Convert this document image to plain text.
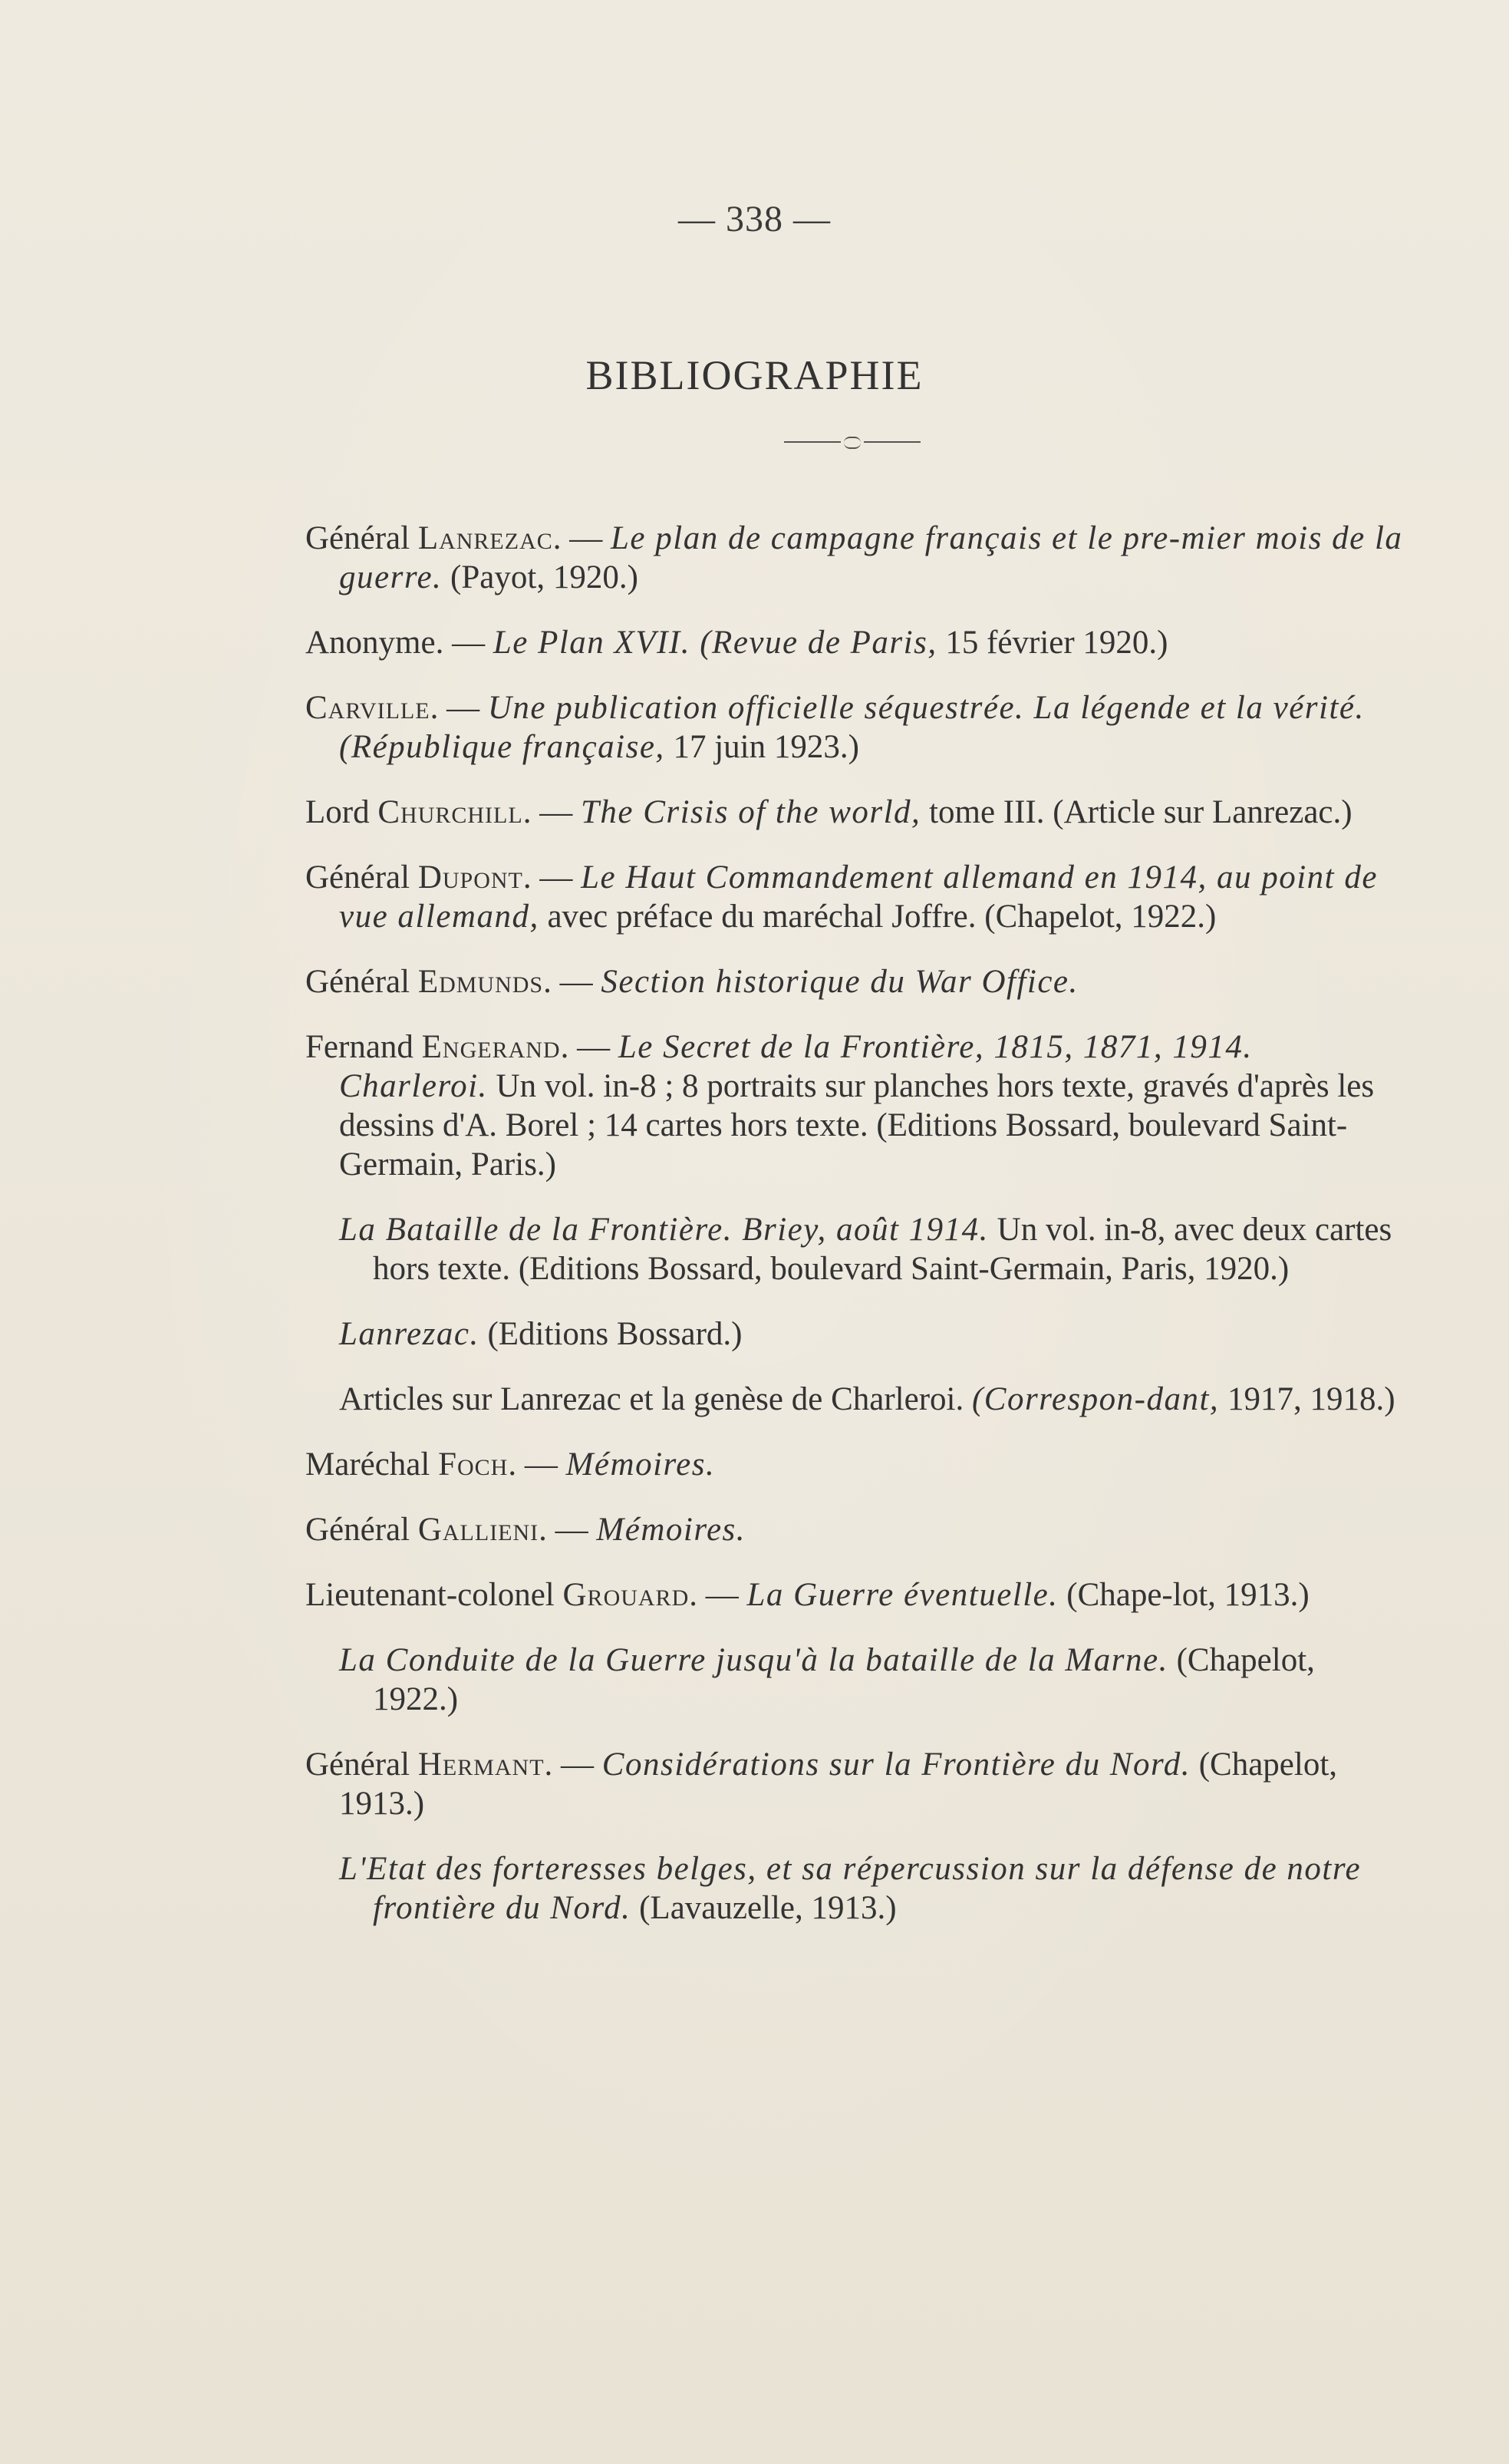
— 338 —
BIBLIOGRAPHIE

Général Lanrezac. — Le plan de campagne français et le pre-mier mois de la guerre. (Payot, 1920.)

Anonyme. — Le Plan XVII. (Revue de Paris, 15 février 1920.)

Carville. — Une publication officielle séquestrée. La légende et la vérité. (République française, 17 juin 1923.)

Lord Churchill. — The Crisis of the world, tome III. (Article sur Lanrezac.)

Général Dupont. — Le Haut Commandement allemand en 1914, au point de vue allemand, avec préface du maréchal Joffre. (Chapelot, 1922.)

Général Edmunds. — Section historique du War Office.

Fernand Engerand. — Le Secret de la Frontière, 1815, 1871, 1914. Charleroi. Un vol. in-8 ; 8 portraits sur planches hors texte, gravés d'après les dessins d'A. Borel ; 14 cartes hors texte. (Editions Bossard, boulevard Saint-Germain, Paris.)

La Bataille de la Frontière. Briey, août 1914. Un vol. in-8, avec deux cartes hors texte. (Editions Bossard, boulevard Saint-Germain, Paris, 1920.)

Lanrezac. (Editions Bossard.)

Articles sur Lanrezac et la genèse de Charleroi. (Correspon-dant, 1917, 1918.)

Maréchal Foch. — Mémoires.

Général Gallieni. — Mémoires.

Lieutenant-colonel Grouard. — La Guerre éventuelle. (Chape-lot, 1913.)

La Conduite de la Guerre jusqu'à la bataille de la Marne. (Chapelot, 1922.)

Général Hermant. — Considérations sur la Frontière du Nord. (Chapelot, 1913.)

L'Etat des forteresses belges, et sa répercussion sur la défense de notre frontière du Nord. (Lavauzelle, 1913.)
